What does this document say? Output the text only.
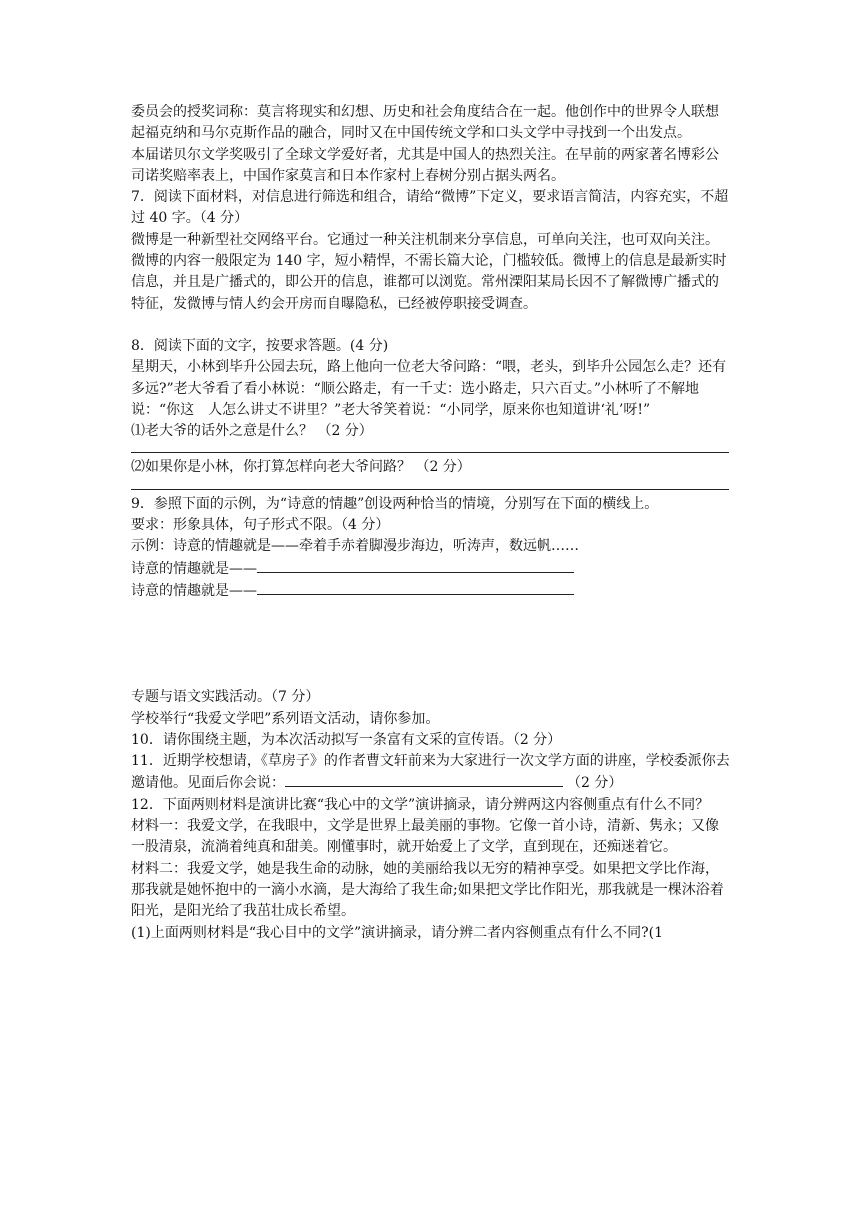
委员会的授奖词称：莫言将现实和幻想、历史和社会角度结合在一起。他创作中的世界令人联想起福克纳和马尔克斯作品的融合，同时又在中国传统文学和口头文学中寻找到一个出发点。

本届诺贝尔文学奖吸引了全球文学爱好者，尤其是中国人的热烈关注。在早前的两家著名博彩公司诺奖赔率表上，中国作家莫言和日本作家村上春树分别占据头两名。

7．阅读下面材料，对信息进行筛选和组合，请给“微博”下定义，要求语言简洁，内容充实，不超过 40 字。（4 分）

微博是一种新型社交网络平台。它通过一种关注机制来分享信息，可单向关注，也可双向关注。微博的内容一般限定为 140 字，短小精悍，不需长篇大论，门槛较低。微博上的信息是最新实时信息，并且是广播式的，即公开的信息，谁都可以浏览。常州溧阳某局长因不了解微博广播式的特征，发微博与情人约会开房而自曝隐私，已经被停职接受调查。

8．阅读下面的文字，按要求答题。(4 分)

星期天，小林到毕升公园去玩，路上他向一位老大爷问路：“喂，老头，到毕升公园怎么走？还有多远?”老大爷看了看小林说：“顺公路走，有一千丈：选小路走，只六百丈。”小林听了不解地说：“你这　人怎么讲丈不讲里？”老大爷笑着说：“小同学，原来你也知道讲‘礼’呀!”

⑴老大爷的话外之意是什么？ （2 分）

⑵如果你是小林，你打算怎样向老大爷问路？ （2 分）

9．参照下面的示例，为“诗意的情趣”创设两种恰当的情境，分别写在下面的横线上。

要求：形象具体，句子形式不限。（4 分）

示例：诗意的情趣就是——牵着手赤着脚漫步海边，听涛声，数远帆……

诗意的情趣就是——

诗意的情趣就是——

专题与语文实践活动。（7 分）

学校举行“我爱文学吧”系列语文活动，请你参加。

10．请你围绕主题，为本次活动拟写一条富有文采的宣传语。（2 分）

11．近期学校想请，《草房子》的作者曹文轩前来为大家进行一次文学方面的讲座，学校委派你去邀请他。见面后你会说：	（2 分）

12．下面两则材料是演讲比赛“我心中的文学”演讲摘录，请分辨两这内容侧重点有什么不同？

材料一：我爱文学，在我眼中，文学是世界上最美丽的事物。它像一首小诗，清新、隽永；又像一股清泉，流淌着纯真和甜美。刚懂事时，就开始爱上了文学，直到现在，还痴迷着它。

材料二：我爱文学，她是我生命的动脉，她的美丽给我以无穷的精神享受。如果把文学比作海，那我就是她怀抱中的一滴小水滴，是大海给了我生命;如果把文学比作阳光，那我就是一棵沐浴着阳光，是阳光给了我茁壮成长希望。

(1)上面两则材料是“我心目中的文学”演讲摘录，请分辨二者内容侧重点有什么不同?(1
